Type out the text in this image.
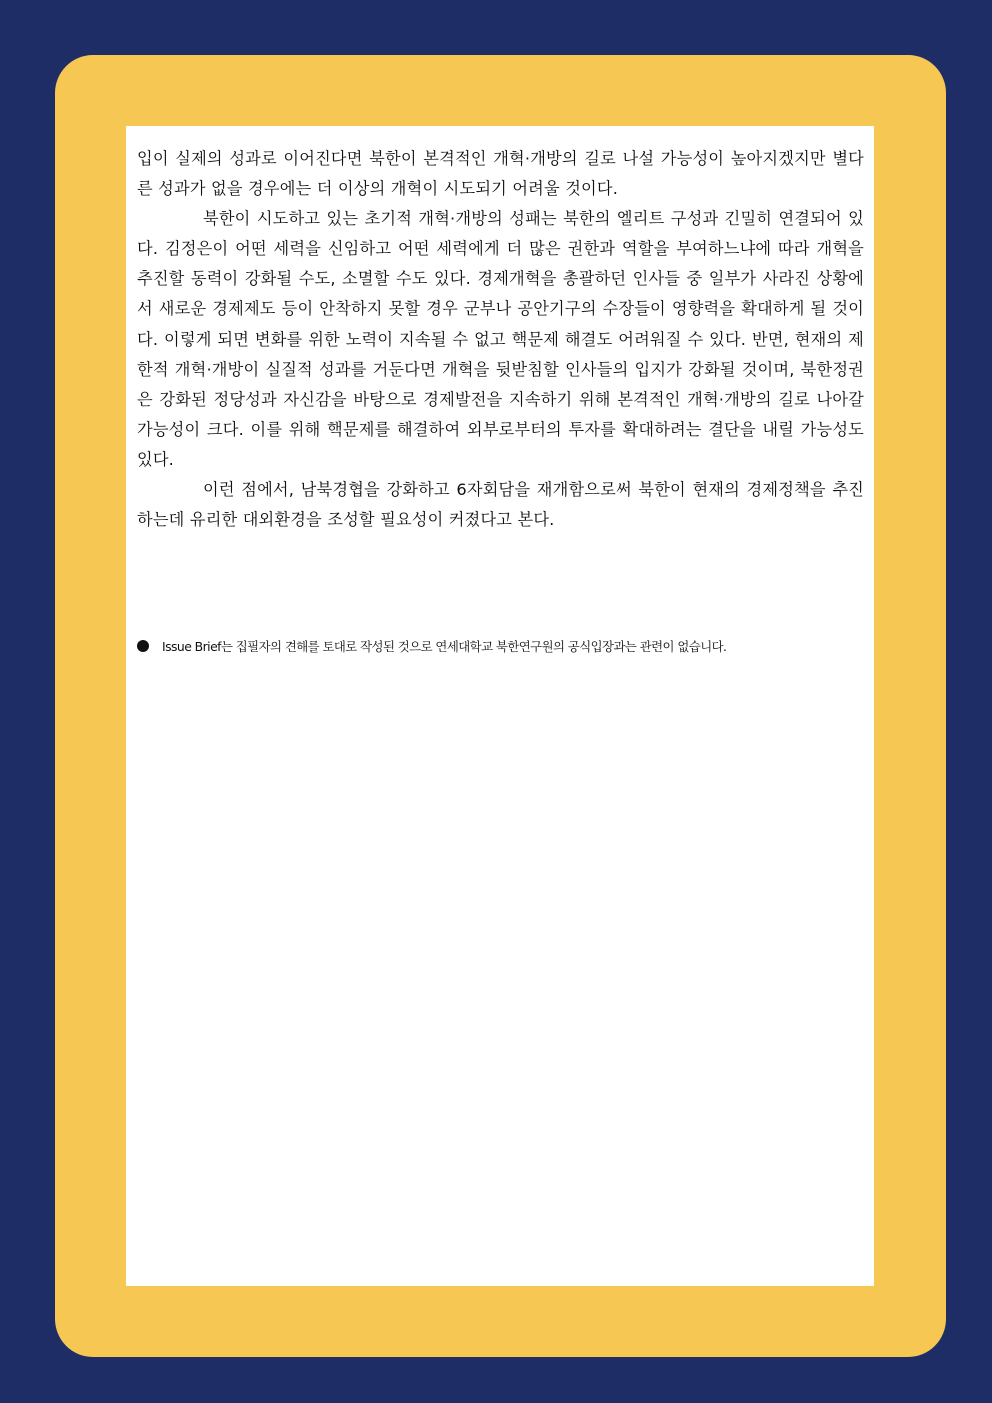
입이 실제의 성과로 이어진다면 북한이 본격적인 개혁·개방의 길로 나설 가능성이 높아지겠지만 별다른 성과가 없을 경우에는 더 이상의 개혁이 시도되기 어려울 것이다.

북한이 시도하고 있는 초기적 개혁·개방의 성패는 북한의 엘리트 구성과 긴밀히 연결되어 있다. 김정은이 어떤 세력을 신임하고 어떤 세력에게 더 많은 권한과 역할을 부여하느냐에 따라 개혁을 추진할 동력이 강화될 수도, 소멸할 수도 있다. 경제개혁을 총괄하던 인사들 중 일부가 사라진 상황에서 새로운 경제제도 등이 안착하지 못할 경우 군부나 공안기구의 수장들이 영향력을 확대하게 될 것이다. 이렇게 되면 변화를 위한 노력이 지속될 수 없고 핵문제 해결도 어려워질 수 있다. 반면, 현재의 제한적 개혁·개방이 실질적 성과를 거둔다면 개혁을 뒷받침할 인사들의 입지가 강화될 것이며, 북한정권은 강화된 정당성과 자신감을 바탕으로 경제발전을 지속하기 위해 본격적인 개혁·개방의 길로 나아갈 가능성이 크다. 이를 위해 핵문제를 해결하여 외부로부터의 투자를 확대하려는 결단을 내릴 가능성도 있다.

이런 점에서, 남북경협을 강화하고 6자회담을 재개함으로써 북한이 현재의 경제정책을 추진하는데 유리한 대외환경을 조성할 필요성이 커졌다고 본다.

Issue Brief는 집필자의 견해를 토대로 작성된 것으로 연세대학교 북한연구원의 공식입장과는 관련이 없습니다.
